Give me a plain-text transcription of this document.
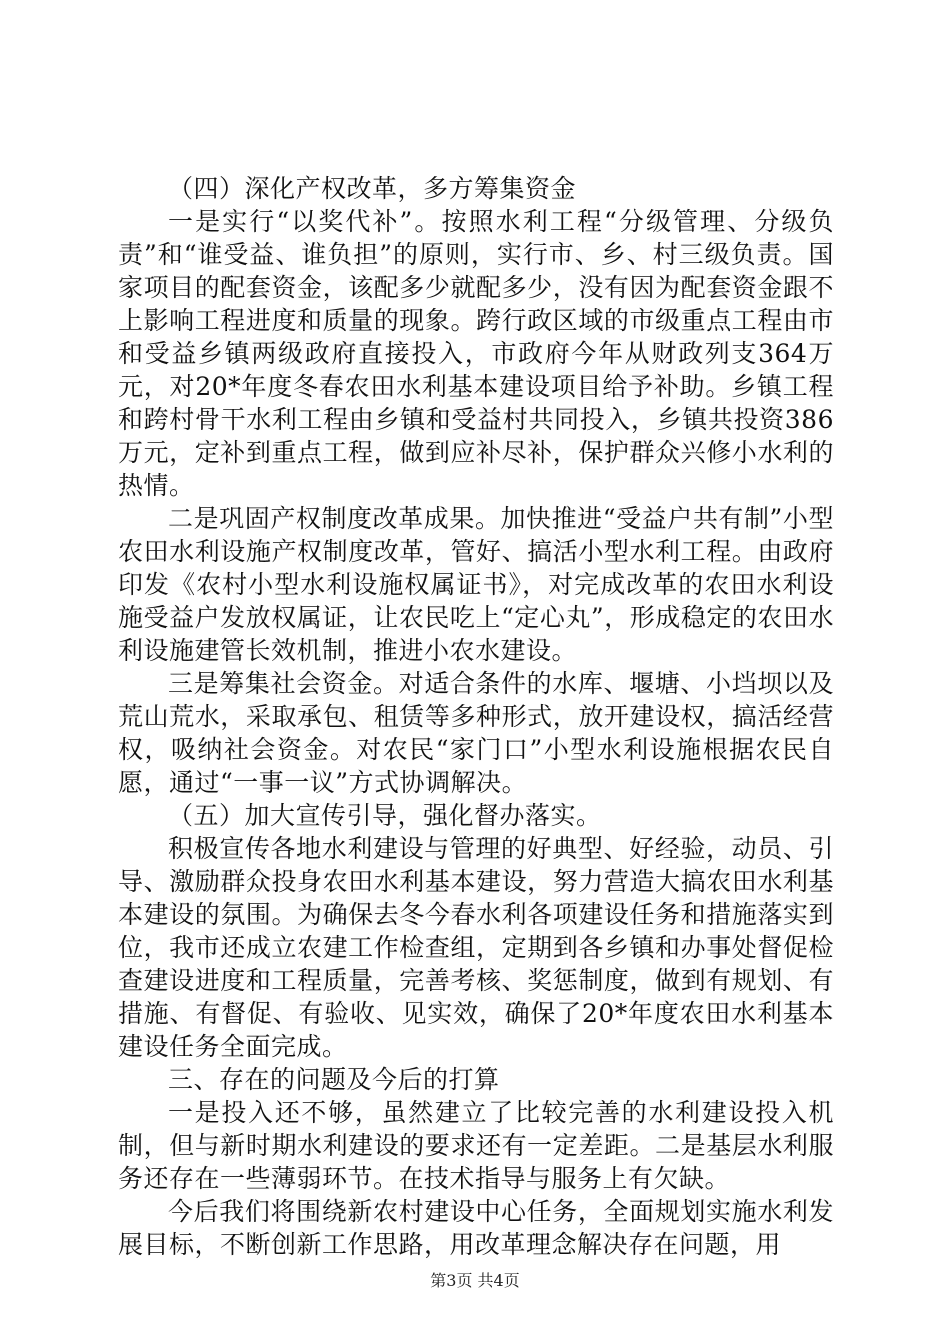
（四）深化产权改革，多方筹集资金

一是实行“以奖代补”。按照水利工程“分级管理、分级负责”和“谁受益、谁负担”的原则，实行市、乡、村三级负责。国家项目的配套资金，该配多少就配多少，没有因为配套资金跟不上影响工程进度和质量的现象。跨行政区域的市级重点工程由市和受益乡镇两级政府直接投入，市政府今年从财政列支364万元，对20*年度冬春农田水利基本建设项目给予补助。乡镇工程和跨村骨干水利工程由乡镇和受益村共同投入，乡镇共投资386万元，定补到重点工程，做到应补尽补，保护群众兴修小水利的热情。

二是巩固产权制度改革成果。加快推进“受益户共有制”小型农田水利设施产权制度改革，管好、搞活小型水利工程。由政府印发《农村小型水利设施权属证书》，对完成改革的农田水利设施受益户发放权属证，让农民吃上“定心丸”，形成稳定的农田水利设施建管长效机制，推进小农水建设。

三是筹集社会资金。对适合条件的水库、堰塘、小垱坝以及荒山荒水，采取承包、租赁等多种形式，放开建设权，搞活经营权，吸纳社会资金。对农民“家门口”小型水利设施根据农民自愿，通过“一事一议”方式协调解决。

（五）加大宣传引导，强化督办落实。

积极宣传各地水利建设与管理的好典型、好经验，动员、引导、激励群众投身农田水利基本建设，努力营造大搞农田水利基本建设的氛围。为确保去冬今春水利各项建设任务和措施落实到位，我市还成立农建工作检查组，定期到各乡镇和办事处督促检查建设进度和工程质量，完善考核、奖惩制度，做到有规划、有措施、有督促、有验收、见实效，确保了20*年度农田水利基本建设任务全面完成。

三、存在的问题及今后的打算

一是投入还不够，虽然建立了比较完善的水利建设投入机制，但与新时期水利建设的要求还有一定差距。二是基层水利服务还存在一些薄弱环节。在技术指导与服务上有欠缺。

今后我们将围绕新农村建设中心任务，全面规划实施水利发展目标，不断创新工作思路，用改革理念解决存在问题，用

第3页 共4页
